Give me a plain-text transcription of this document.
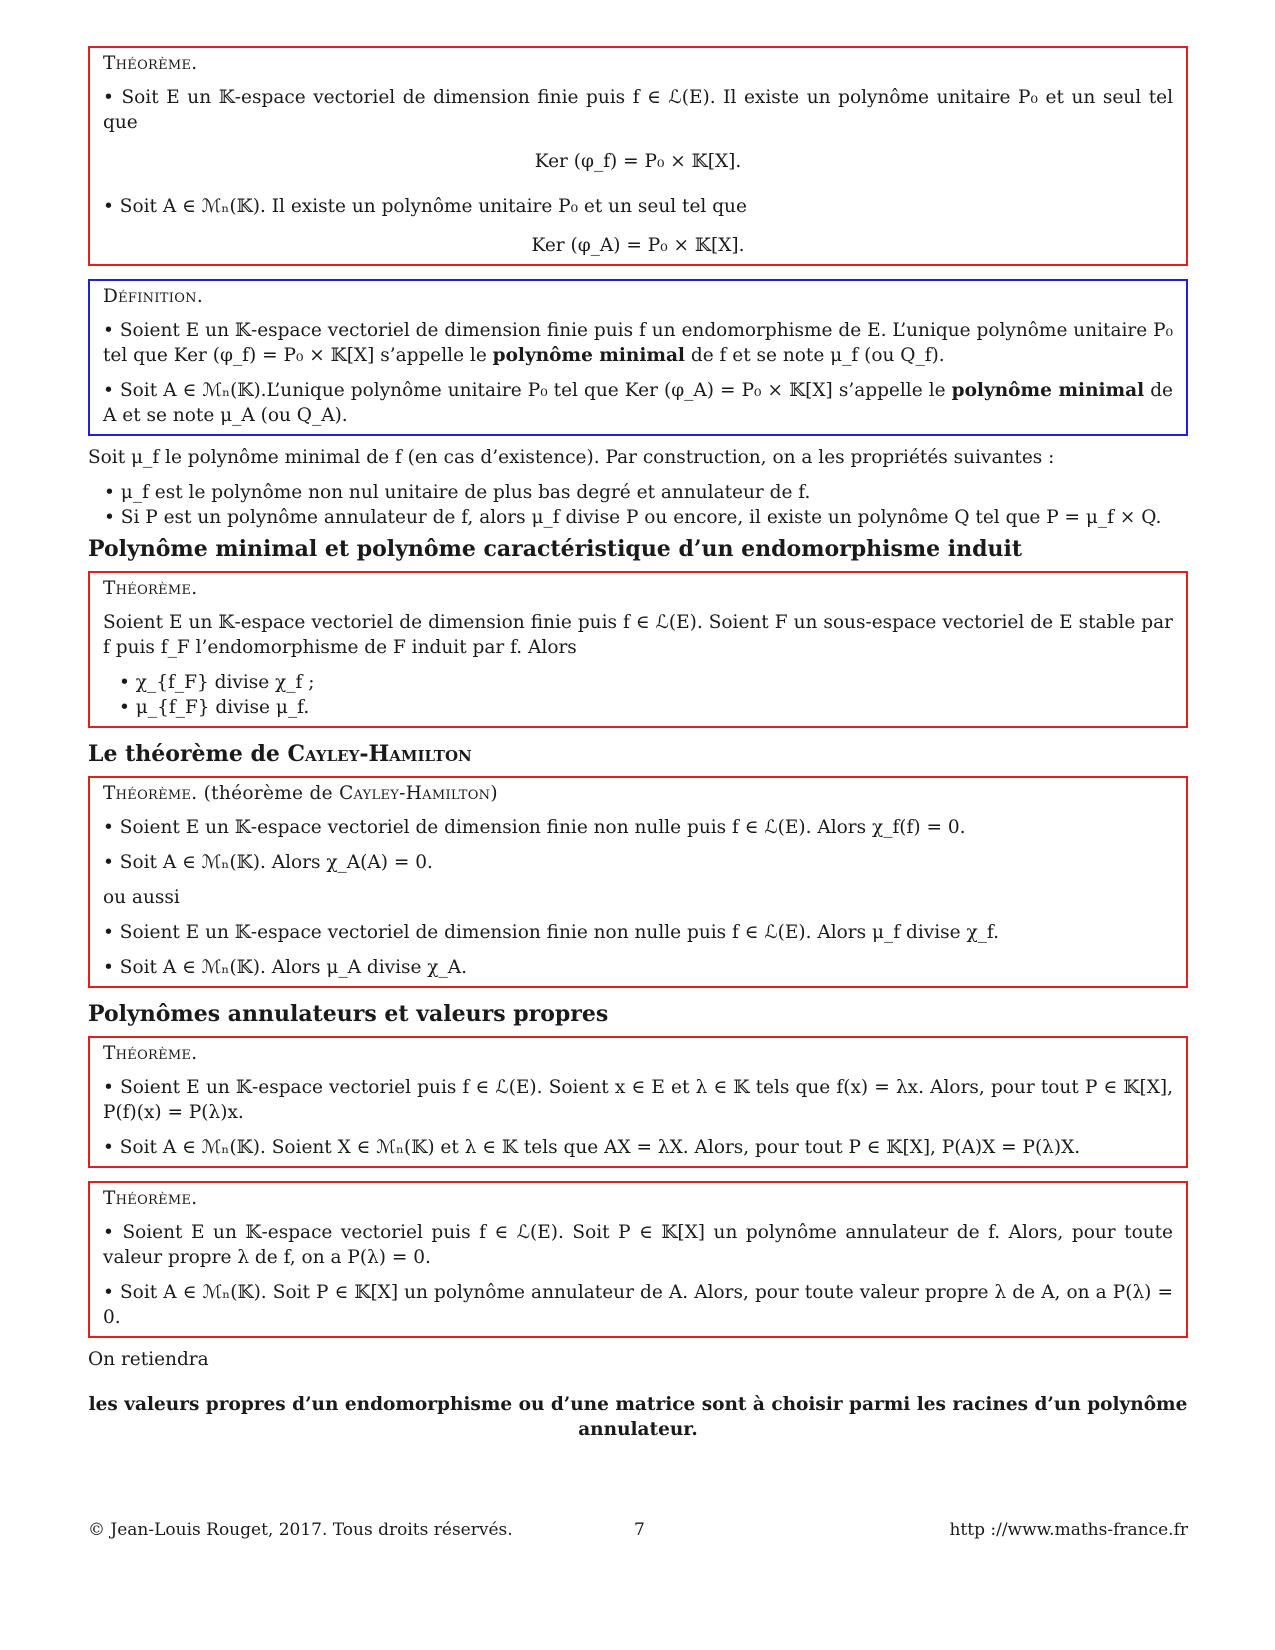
Théorème.

• Soit E un 𝕂-espace vectoriel de dimension finie puis f ∈ ℒ(E). Il existe un polynôme unitaire P₀ et un seul tel que

Ker (φ_f) = P₀ × 𝕂[X].

• Soit A ∈ ℳₙ(𝕂). Il existe un polynôme unitaire P₀ et un seul tel que

Ker (φ_A) = P₀ × 𝕂[X].
Définition.

• Soient E un 𝕂-espace vectoriel de dimension finie puis f un endomorphisme de E. L’unique polynôme unitaire P₀ tel que Ker (φ_f) = P₀ × 𝕂[X] s’appelle le polynôme minimal de f et se note μ_f (ou Q_f).

• Soit A ∈ ℳₙ(𝕂).L’unique polynôme unitaire P₀ tel que Ker (φ_A) = P₀ × 𝕂[X] s’appelle le polynôme minimal de A et se note μ_A (ou Q_A).

Soit μ_f le polynôme minimal de f (en cas d’existence). Par construction, on a les propriétés suivantes :

• μ_f est le polynôme non nul unitaire de plus bas degré et annulateur de f.
• Si P est un polynôme annulateur de f, alors μ_f divise P ou encore, il existe un polynôme Q tel que P = μ_f × Q.
Polynôme minimal et polynôme caractéristique d’un endomorphisme induit
Théorème.

Soient E un 𝕂-espace vectoriel de dimension finie puis f ∈ ℒ(E). Soient F un sous-espace vectoriel de E stable par f puis f_F l’endomorphisme de F induit par f. Alors

• χ_{f_F} divise χ_f ;
• μ_{f_F} divise μ_f.
Le théorème de Cayley-Hamilton
Théorème. (théorème de Cayley-Hamilton)

• Soient E un 𝕂-espace vectoriel de dimension finie non nulle puis f ∈ ℒ(E). Alors χ_f(f) = 0.

• Soit A ∈ ℳₙ(𝕂). Alors χ_A(A) = 0.

ou aussi

• Soient E un 𝕂-espace vectoriel de dimension finie non nulle puis f ∈ ℒ(E). Alors μ_f divise χ_f.

• Soit A ∈ ℳₙ(𝕂). Alors μ_A divise χ_A.

Polynômes annulateurs et valeurs propres
Théorème.

• Soient E un 𝕂-espace vectoriel puis f ∈ ℒ(E). Soient x ∈ E et λ ∈ 𝕂 tels que f(x) = λx. Alors, pour tout P ∈ 𝕂[X], P(f)(x) = P(λ)x.

• Soit A ∈ ℳₙ(𝕂). Soient X ∈ ℳₙ(𝕂) et λ ∈ 𝕂 tels que AX = λX. Alors, pour tout P ∈ 𝕂[X], P(A)X = P(λ)X.

Théorème.

• Soient E un 𝕂-espace vectoriel puis f ∈ ℒ(E). Soit P ∈ 𝕂[X] un polynôme annulateur de f. Alors, pour toute valeur propre λ de f, on a P(λ) = 0.

• Soit A ∈ ℳₙ(𝕂). Soit P ∈ 𝕂[X] un polynôme annulateur de A. Alors, pour toute valeur propre λ de A, on a P(λ) = 0.

On retiendra

les valeurs propres d’un endomorphisme ou d’une matrice sont à choisir parmi les racines d’un polynôme annulateur.
© Jean-Louis Rouget, 2017. Tous droits réservés.	7	http ://www.maths-france.fr
